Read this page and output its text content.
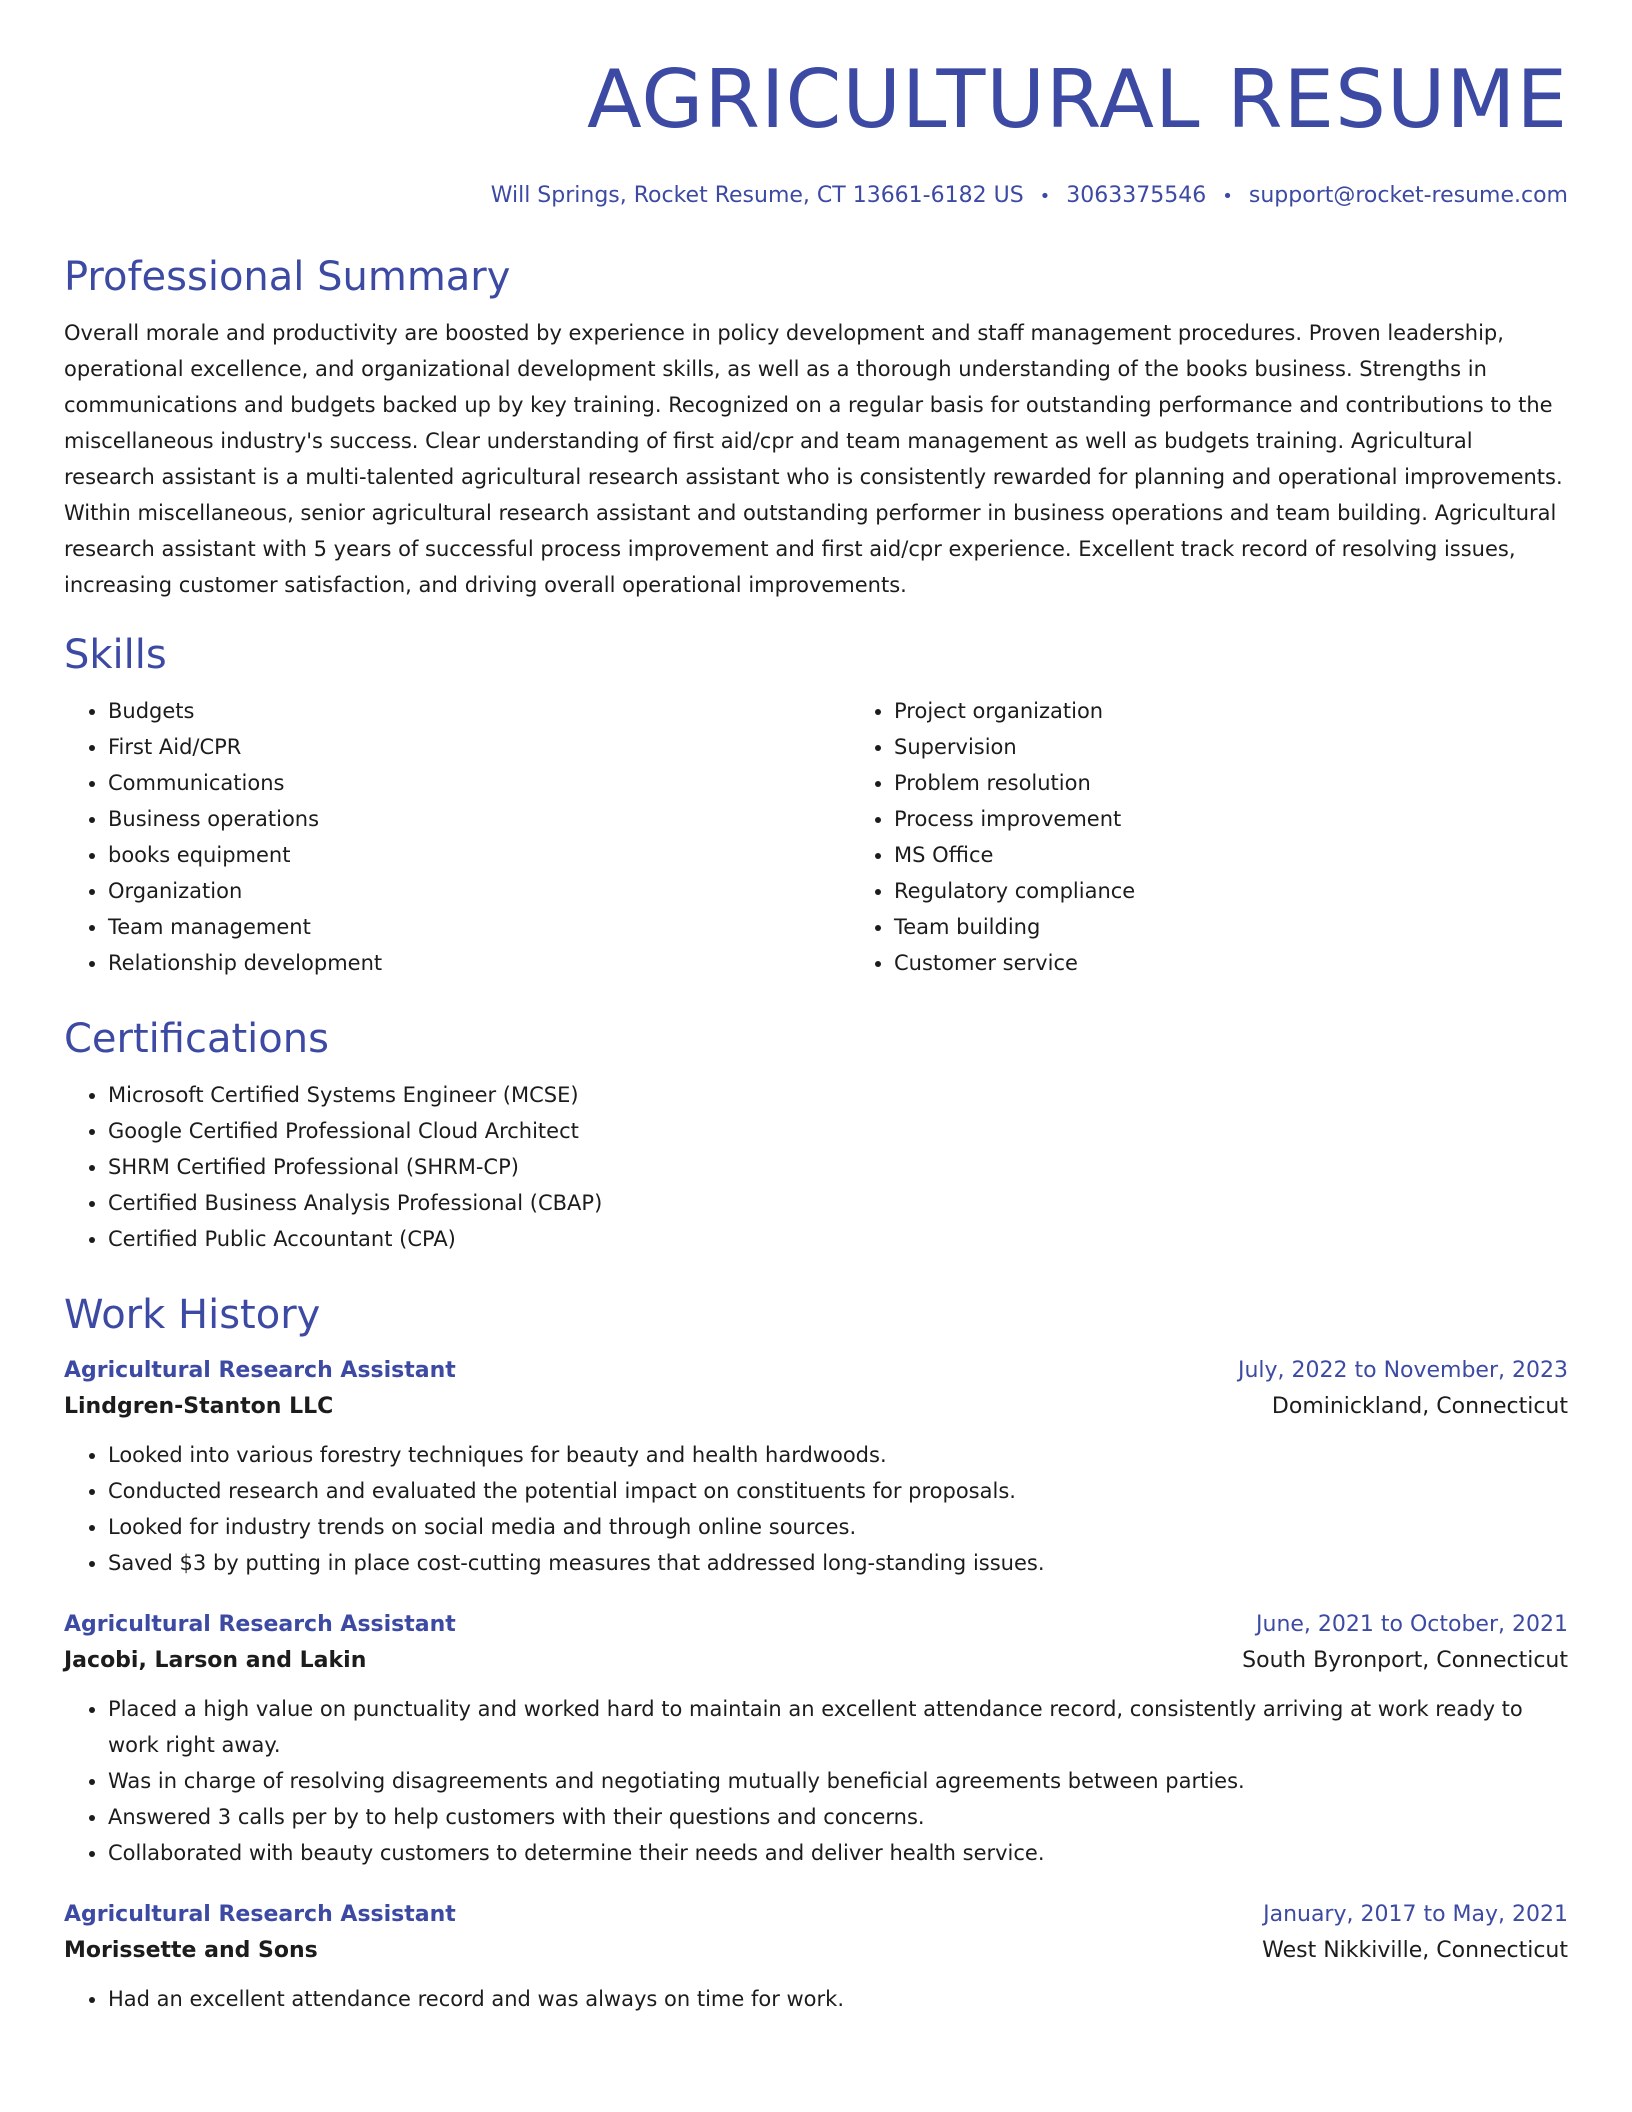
AGRICULTURAL RESUME
Will Springs, Rocket Resume, CT 13661-6182 US • 3063375546 • support@rocket-resume.com
Professional Summary

Overall morale and productivity are boosted by experience in policy development and staff management procedures. Proven leadership, operational excellence, and organizational development skills, as well as a thorough understanding of the books business. Strengths in communications and budgets backed up by key training. Recognized on a regular basis for outstanding performance and contributions to the miscellaneous industry's success. Clear understanding of first aid/cpr and team management as well as budgets training. Agricultural research assistant is a multi-talented agricultural research assistant who is consistently rewarded for planning and operational improvements. Within miscellaneous, senior agricultural research assistant and outstanding performer in business operations and team building. Agricultural research assistant with 5 years of successful process improvement and first aid/cpr experience. Excellent track record of resolving issues, increasing customer satisfaction, and driving overall operational improvements.

Skills
• Budgets
• First Aid/CPR
• Communications
• Business operations
• books equipment
• Organization
• Team management
• Relationship development
• Project organization
• Supervision
• Problem resolution
• Process improvement
• MS Office
• Regulatory compliance
• Team building
• Customer service
Certifications
• Microsoft Certified Systems Engineer (MCSE)
• Google Certified Professional Cloud Architect
• SHRM Certified Professional (SHRM-CP)
• Certified Business Analysis Professional (CBAP)
• Certified Public Accountant (CPA)
Work History
Agricultural Research Assistant	July, 2022 to November, 2023
Lindgren-Stanton LLC	Dominickland, Connecticut
• Looked into various forestry techniques for beauty and health hardwoods.
• Conducted research and evaluated the potential impact on constituents for proposals.
• Looked for industry trends on social media and through online sources.
• Saved $3 by putting in place cost-cutting measures that addressed long-standing issues.
Agricultural Research Assistant	June, 2021 to October, 2021
Jacobi, Larson and Lakin	South Byronport, Connecticut
• Placed a high value on punctuality and worked hard to maintain an excellent attendance record, consistently arriving at work ready to work right away.
• Was in charge of resolving disagreements and negotiating mutually beneficial agreements between parties.
• Answered 3 calls per by to help customers with their questions and concerns.
• Collaborated with beauty customers to determine their needs and deliver health service.
Agricultural Research Assistant	January, 2017 to May, 2021
Morissette and Sons	West Nikkiville, Connecticut
• Had an excellent attendance record and was always on time for work.
